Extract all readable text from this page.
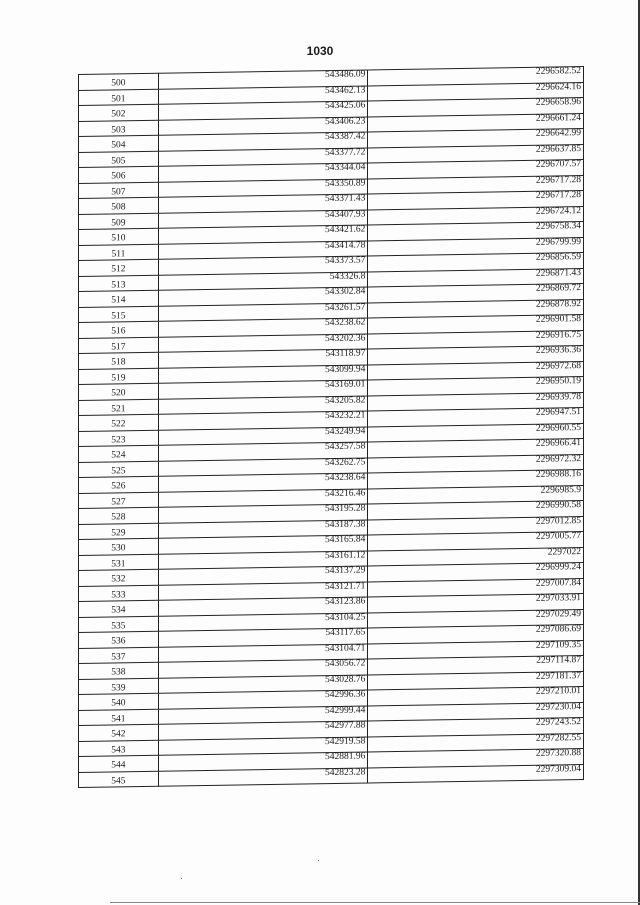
1030
500	543486.09	2296582.52
501	543462.13	2296624.16
502	543425.06	2296658.96
503	543406.23	2296661.24
504	543387.42	2296642.99
505	543377.72	2296637.85
506	543344.04	2296707.57
507	543350.89	2296717.28
508	543371.43	2296717.28
509	543407.93	2296724.12
510	543421.62	2296758.34
511	543414.78	2296799.99
512	543373.57	2296856.59
513	543326.8	2296871.43
514	543302.84	2296869.72
515	543261.57	2296878.92
516	543238.62	2296901.58
517	543202.36	2296916.75
518	543118.97	2296936.36
519	543099.94	2296972.68
520	543169.01	2296950.19
521	543205.82	2296939.78
522	543232.21	2296947.51
523	543249.94	2296960.55
524	543257.58	2296966.41
525	543262.75	2296972.32
526	543238.64	2296988.16
527	543216.46	2296985.9
528	543195.28	2296990.58
529	543187.38	2297012.85
530	543165.84	2297005.77
531	543161.12	2297022
532	543137.29	2296999.24
533	543121.71	2297007.84
534	543123.86	2297033.91
535	543104.25	2297029.49
536	543117.65	2297086.69
537	543104.71	2297109.35
538	543056.72	2297114.87
539	543028.76	2297181.37
540	542996.36	2297210.01
541	542999.44	2297230.04
542	542977.88	2297243.52
543	542919.58	2297282.55
544	542881.96	2297320.88
545	542823.28	2297309.04
